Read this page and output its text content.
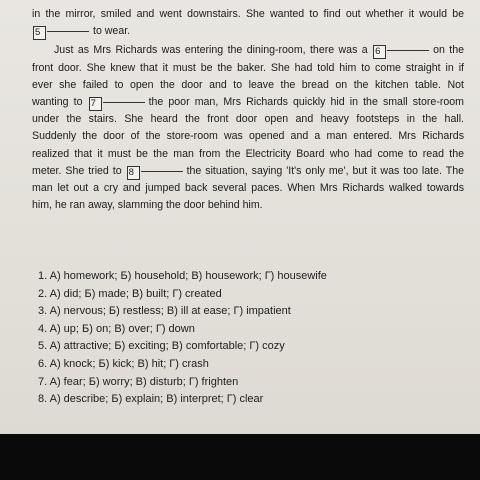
in the mirror, smiled and went downstairs. She wanted to find out whether it would be
5	to wear.
Just as Mrs Richards was entering the dining-room, there was a 6	on the
front door. She knew that it must be the baker. She had told him to come straight in if
ever she failed to open the door and to leave the bread on the kitchen table. Not
wanting to 7	the poor man, Mrs Richards quickly hid in the small store-room
under the stairs. She heard the front door open and heavy footsteps in the hall.
Suddenly the door of the store-room was opened and a man entered. Mrs Richards
realized that it must be the man from the Electricity Board who had come to read the
meter. She tried to 8	the situation, saying 'It's only me', but it was too late. The
man let out a cry and jumped back several paces. When Mrs Richards walked towards
him, he ran away, slamming the door behind him.
1. A) homework; Б) household; B) housework; Г) housewife
2. A) did; Б) made; B) built; Г) created
3. A) nervous; Б) restless; B) ill at ease; Г) impatient
4. A) up; Б) on; B) over; Г) down
5. A) attractive; Б) exciting; B) comfortable; Г) cozy
6. A) knock; Б) kick; B) hit; Г) crash
7. A) fear; Б) worry; B) disturb; Г) frighten
8. A) describe; Б) explain; B) interpret; Г) clear
